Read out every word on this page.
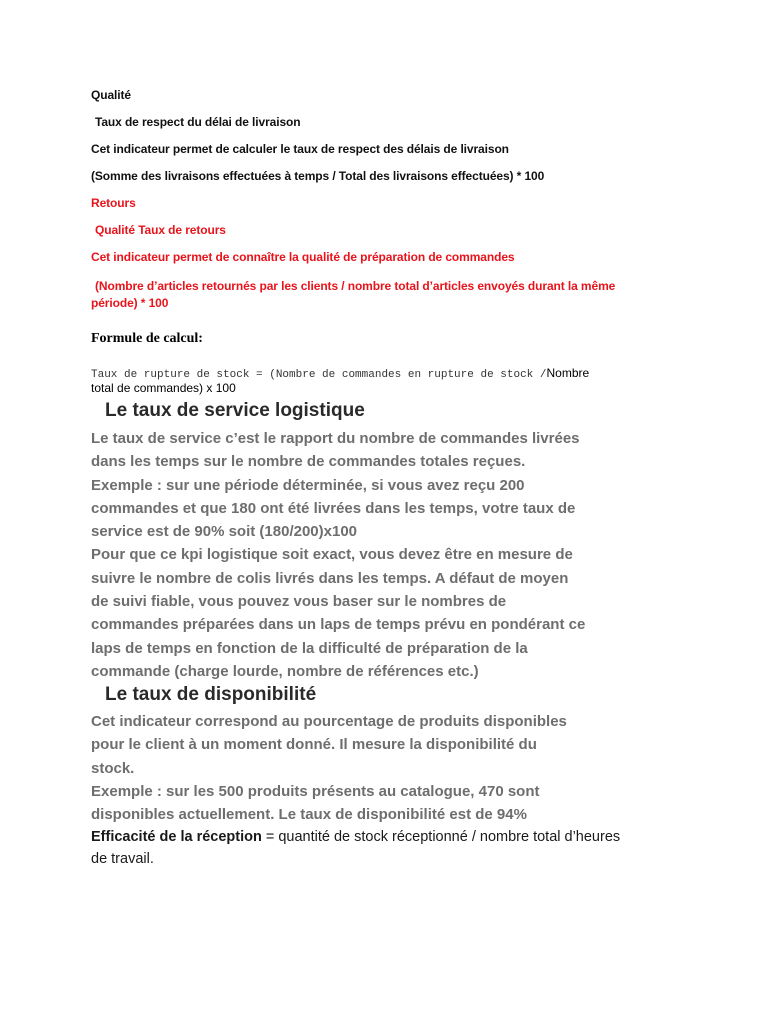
Qualité

Taux de respect du délai de livraison

Cet indicateur permet de calculer le taux de respect des délais de livraison

(Somme des livraisons effectuées à temps / Total des livraisons effectuées) * 100

Retours

Qualité Taux de retours

Cet indicateur permet de connaître la qualité de préparation de commandes

(Nombre d’articles retournés par les clients / nombre total d’articles envoyés durant la même

période) * 100

Formule de calcul:

Taux de rupture de stock = (Nombre de commandes en rupture de stock /Nombre

total de commandes) x 100

Le taux de service logistique

Le taux de service c’est le rapport du nombre de commandes livrées
dans les temps sur le nombre de commandes totales reçues.
Exemple : sur une période déterminée, si vous avez reçu 200
commandes et que 180 ont été livrées dans les temps, votre taux de
service est de 90% soit (180/200)x100
Pour que ce kpi logistique soit exact, vous devez être en mesure de
suivre le nombre de colis livrés dans les temps. A défaut de moyen
de suivi fiable, vous pouvez vous baser sur le nombres de
commandes préparées dans un laps de temps prévu en pondérant ce
laps de temps en fonction de la difficulté de préparation de la
commande (charge lourde, nombre de références etc.)

Le taux de disponibilité

Cet indicateur correspond au pourcentage de produits disponibles
pour le client à un moment donné. Il mesure la disponibilité du
stock.
Exemple : sur les 500 produits présents au catalogue, 470 sont
disponibles actuellement. Le taux de disponibilité est de 94%
Efficacité de la réception = quantité de stock réceptionné / nombre total d’heures
de travail.
